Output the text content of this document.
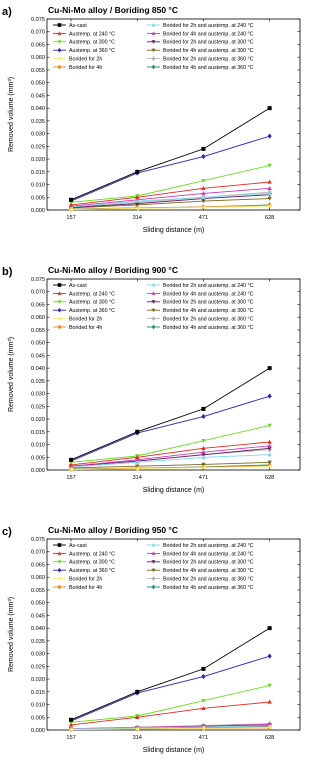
a)	Cu-Ni-Mo alloy / Boriding 850 °C
0.000
0.005
0.010
0.015
0.020
0.025
0.030
0.035
0.040
0.045
0.050
0.055
0.060
0.065
0.070
0.075
Removed volume (mm³)
157	314	471	628
Sliding distance (m)
As-cast
Austemp. at 240 °C
Austemp. at 300 °C
Austemp. at 360 °C
Borided for 2h
Borided for 4h
Borided for 2h and austemp. at 240 °C
Borided for 4h and austemp. at 240 °C
Borided for 2h and austemp. at 300 °C
Borided for 4h and austemp. at 300 °C
Borided for 2h and austemp. at 360 °C
Borided for 4h and austemp. at 360 °C
b)	Cu-Ni-Mo alloy / Boriding 900 °C
0.000
0.005
0.010
0.015
0.020
0.025
0.030
0.035
0.040
0.045
0.050
0.055
0.060
0.065
0.070
0.075
Removed volume (mm³)
157	314	471	628
Sliding distance (m)
As-cast
Austemp. at 240 °C
Austemp. at 300 °C
Austemp. at 360 °C
Borided for 2h
Borided for 4h
Borided for 2h and austemp. at 240 °C
Borided for 4h and austemp. at 240 °C
Borided for 2h and austemp. at 300 °C
Borided for 4h and austemp. at 300 °C
Borided for 2h and austemp. at 360 °C
Borided for 4h and austemp. at 360 °C
c)	Cu-Ni-Mo alloy / Boriding 950 °C
0.000
0.005
0.010
0.015
0.020
0.025
0.030
0.035
0.040
0.045
0.050
0.055
0.060
0.065
0.070
0.075
Removed volume (mm³)
157	314	471	628
Sliding distance (m)
As-cast
Austemp. at 240 °C
Austemp. at 300 °C
Austemp. at 360 °C
Borided for 2h
Borided for 4h
Borided for 2h and austemp. at 240 °C
Borided for 4h and austemp. at 240 °C
Borided for 2h and austemp. at 300 °C
Borided for 4h and austemp. at 300 °C
Borided for 2h and austemp. at 360 °C
Borided for 4h and austemp. at 360 °C
